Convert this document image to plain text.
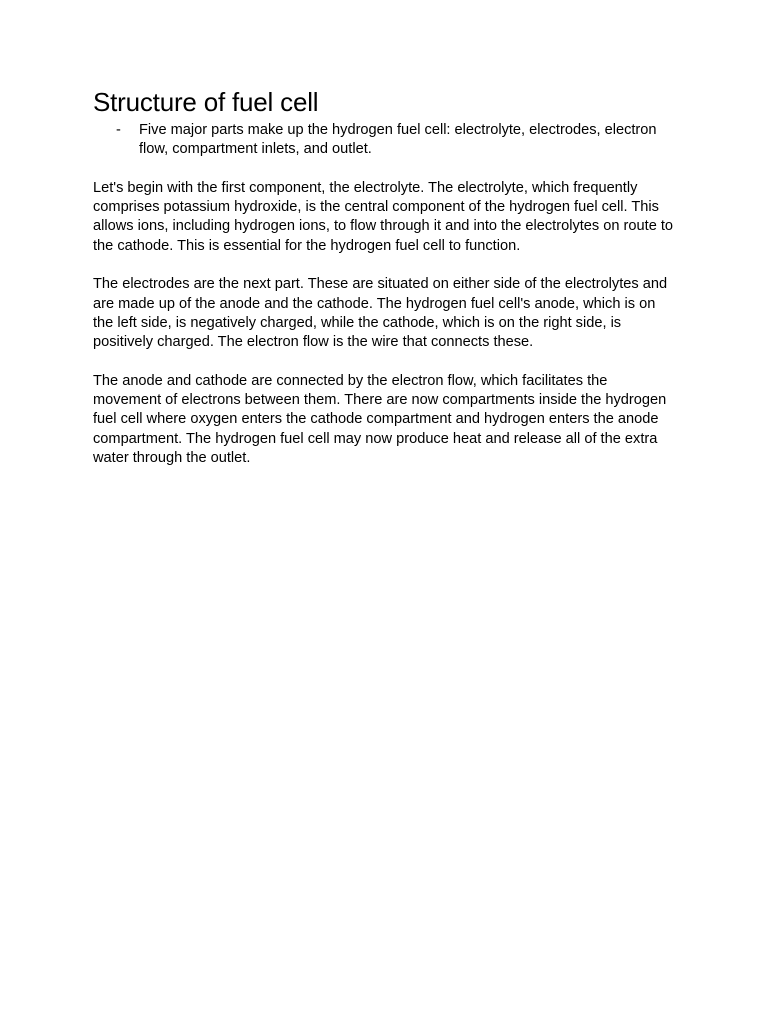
Structure of fuel cell
- Five major parts make up the hydrogen fuel cell: electrolyte, electrodes, electron flow, compartment inlets, and outlet.

Let's begin with the first component, the electrolyte. The electrolyte, which frequently comprises potassium hydroxide, is the central component of the hydrogen fuel cell. This allows ions, including hydrogen ions, to flow through it and into the electrolytes on route to the cathode. This is essential for the hydrogen fuel cell to function.

The electrodes are the next part. These are situated on either side of the electrolytes and are made up of the anode and the cathode. The hydrogen fuel cell's anode, which is on the left side, is negatively charged, while the cathode, which is on the right side, is positively charged. The electron flow is the wire that connects these.

The anode and cathode are connected by the electron flow, which facilitates the movement of electrons between them. There are now compartments inside the hydrogen fuel cell where oxygen enters the cathode compartment and hydrogen enters the anode compartment. The hydrogen fuel cell may now produce heat and release all of the extra water through the outlet.
